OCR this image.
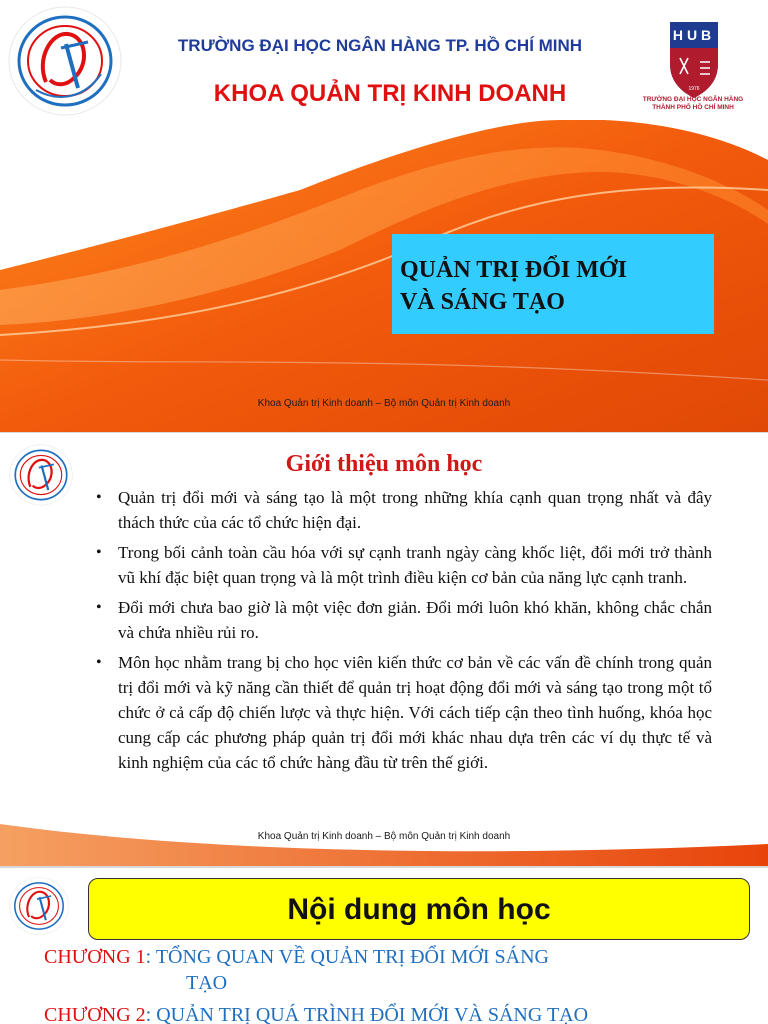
TRƯỜNG ĐẠI HỌC NGÂN HÀNG TP. HỒ CHÍ MINH
KHOA QUẢN TRỊ KINH DOANH
HUB
1976
TRƯỜNG ĐẠI HỌC NGÂN HÀNG
THÀNH PHỐ HỒ CHÍ MINH
QUẢN TRỊ ĐỔI MỚI
VÀ SÁNG TẠO
Khoa Quản trị Kinh doanh – Bộ môn Quản trị Kinh doanh
Giới thiệu môn học
• Quản trị đổi mới và sáng tạo là một trong những khía cạnh quan trọng nhất và đây thách thức của các tổ chức hiện đại.
• Trong bối cảnh toàn cầu hóa với sự cạnh tranh ngày càng khốc liệt, đổi mới trở thành vũ khí đặc biệt quan trọng và là một trình điều kiện cơ bản của năng lực cạnh tranh.
• Đổi mới chưa bao giờ là một việc đơn giản. Đổi mới luôn khó khăn, không chắc chắn và chứa nhiều rủi ro.
• Môn học nhằm trang bị cho học viên kiến thức cơ bản về các vấn đề chính trong quản trị đổi mới và kỹ năng cần thiết để quản trị hoạt động đổi mới và sáng tạo trong một tổ chức ở cả cấp độ chiến lược và thực hiện. Với cách tiếp cận theo tình huống, khóa học cung cấp các phương pháp quản trị đổi mới khác nhau dựa trên các ví dụ thực tế và kinh nghiệm của các tổ chức hàng đầu từ trên thế giới.
Khoa Quản trị Kinh doanh – Bộ môn Quản trị Kinh doanh
Nội dung môn học
CHƯƠNG 1: TỔNG QUAN VỀ QUẢN TRỊ ĐỔI MỚI SÁNG
TẠO
CHƯƠNG 2: QUẢN TRỊ QUÁ TRÌNH ĐỔI MỚI VÀ SÁNG TẠO
